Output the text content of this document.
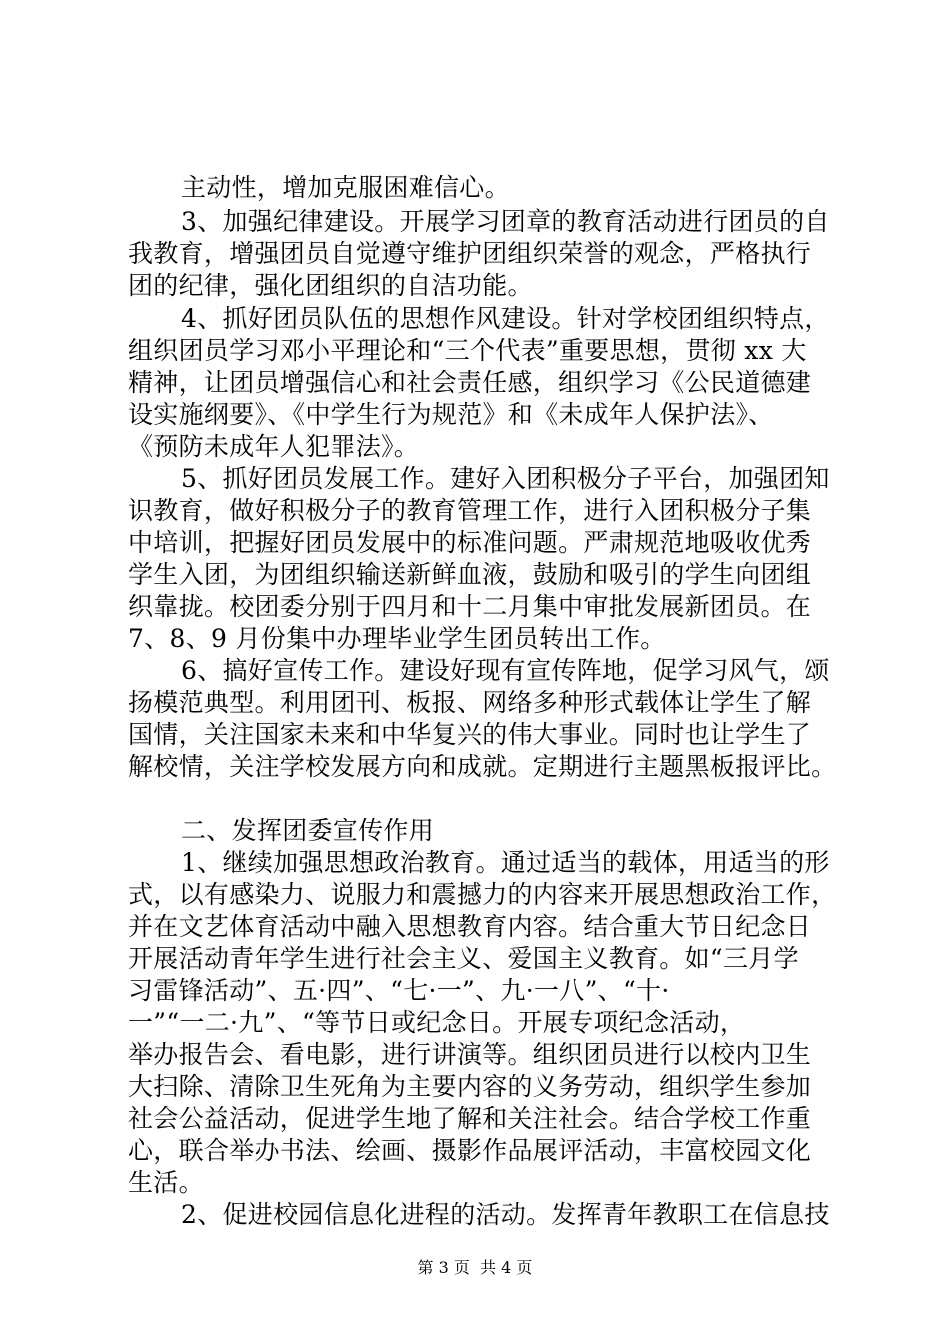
主动性，增加克服困难信心。
3、加强纪律建设。开展学习团章的教育活动进行团员的自
我教育，增强团员自觉遵守维护团组织荣誉的观念，严格执行
团的纪律，强化团组织的自洁功能。
4、抓好团员队伍的思想作风建设。针对学校团组织特点，
组织团员学习邓小平理论和“三个代表”重要思想，贯彻 xx 大
精神，让团员增强信心和社会责任感，组织学习《公民道德建
设实施纲要》、《中学生行为规范》和《未成年人保护法》、
《预防未成年人犯罪法》。
5、抓好团员发展工作。建好入团积极分子平台，加强团知
识教育，做好积极分子的教育管理工作，进行入团积极分子集
中培训，把握好团员发展中的标准问题。严肃规范地吸收优秀
学生入团，为团组织输送新鲜血液，鼓励和吸引的学生向团组
织靠拢。校团委分别于四月和十二月集中审批发展新团员。在
7、8、9 月份集中办理毕业学生团员转出工作。
6、搞好宣传工作。建设好现有宣传阵地，促学习风气，颂
扬模范典型。利用团刊、板报、网络多种形式载体让学生了解
国情，关注国家未来和中华复兴的伟大事业。同时也让学生了
解校情，关注学校发展方向和成就。定期进行主题黑板报评比。
二、发挥团委宣传作用
1、继续加强思想政治教育。通过适当的载体，用适当的形
式，以有感染力、说服力和震撼力的内容来开展思想政治工作，
并在文艺体育活动中融入思想教育内容。结合重大节日纪念日
开展活动青年学生进行社会主义、爱国主义教育。如“三月学
习雷锋活动”、五·四”、“七·一”、九·一八”、“十·
一”“一二·九”、“等节日或纪念日。开展专项纪念活动，
举办报告会、看电影，进行讲演等。组织团员进行以校内卫生
大扫除、清除卫生死角为主要内容的义务劳动，组织学生参加
社会公益活动，促进学生地了解和关注社会。结合学校工作重
心，联合举办书法、绘画、摄影作品展评活动，丰富校园文化
生活。
2、促进校园信息化进程的活动。发挥青年教职工在信息技
第 3 页  共 4 页
